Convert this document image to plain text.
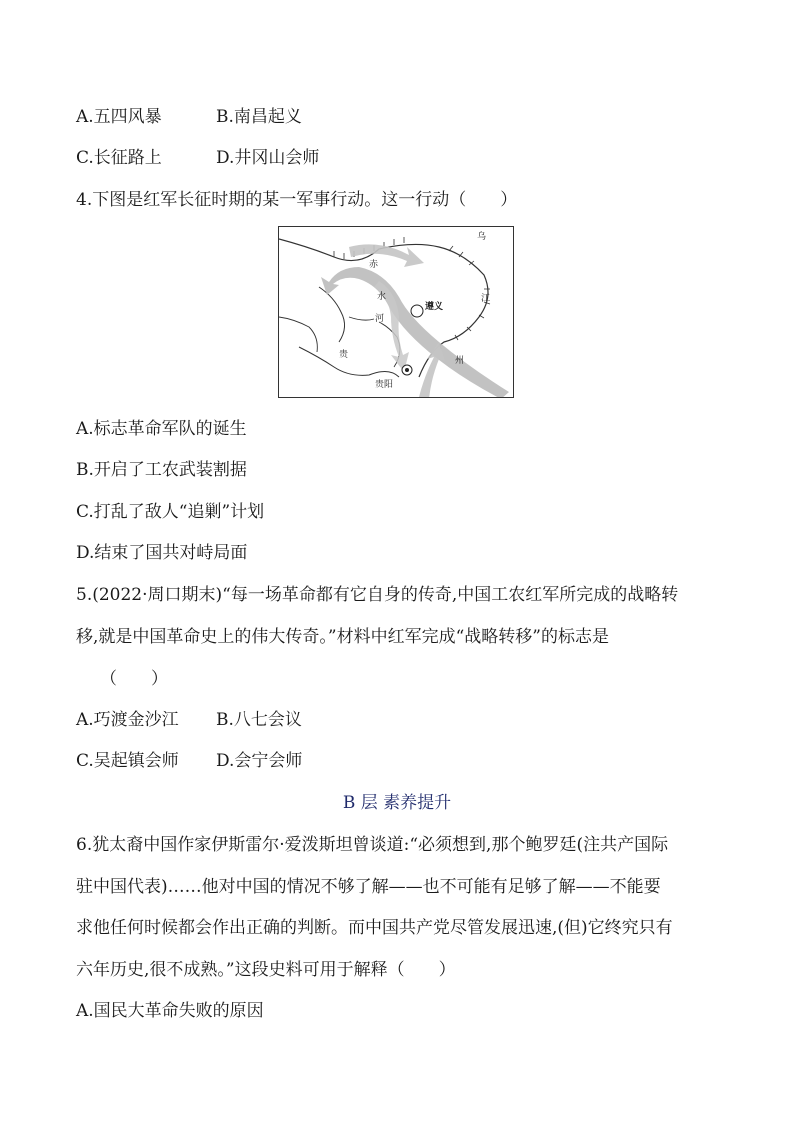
A.五四风暴	B.南昌起义
C.长征路上	D.井冈山会师
4.下图是红军长征时期的某一军事行动。这一行动（　　）
乌
赤
水
河
遵义
江
贵
州
贵阳
A.标志革命军队的诞生
B.开启了工农武装割据
C.打乱了敌人“追剿”计划
D.结束了国共对峙局面
5.(2022·周口期末)“每一场革命都有它自身的传奇,中国工农红军所完成的战略转
移,就是中国革命史上的伟大传奇。”材料中红军完成“战略转移”的标志是
（　　）
A.巧渡金沙江 B.八七会议
C.吴起镇会师 D.会宁会师
B 层 素养提升
6.犹太裔中国作家伊斯雷尔·爱泼斯坦曾谈道:“必须想到,那个鲍罗廷(注共产国际
驻中国代表)……他对中国的情况不够了解——也不可能有足够了解——不能要
求他任何时候都会作出正确的判断。而中国共产党尽管发展迅速,(但)它终究只有
六年历史,很不成熟。”这段史料可用于解释（　　）
A.国民大革命失败的原因
